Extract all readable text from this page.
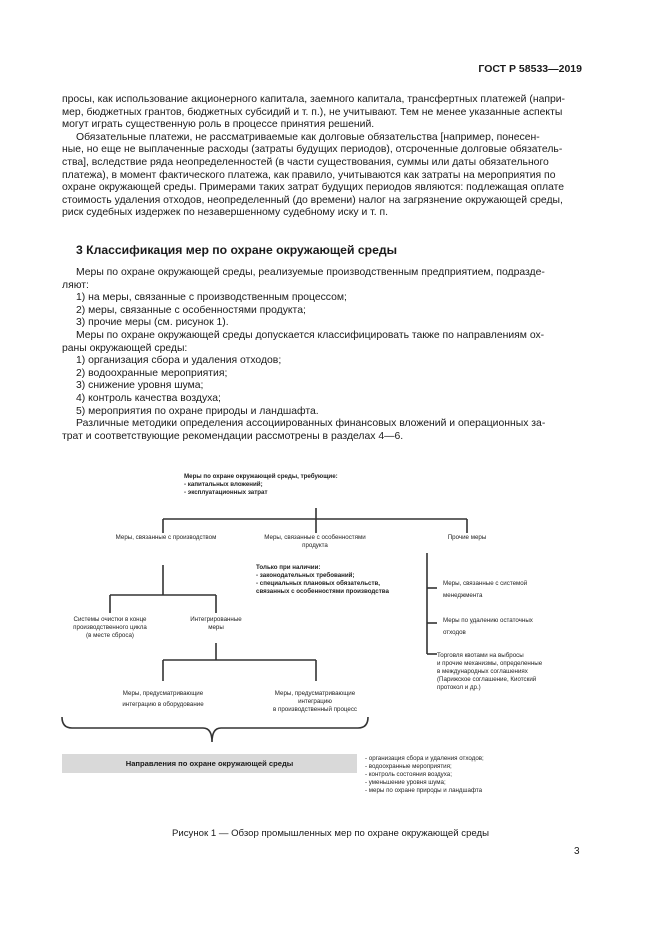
ГОСТ Р 58533—2019

просы, как использование акционерного капитала, заемного капитала, трансфертных платежей (напри-

мер, бюджетных грантов, бюджетных субсидий и т. п.), не учитывают. Тем не менее указанные аспекты

могут играть существенную роль в процессе принятия решений.

Обязательные платежи, не рассматриваемые как долговые обязательства [например, понесен-

ные, но еще не выплаченные расходы (затраты будущих периодов), отсроченные долговые обязатель-

ства], вследствие ряда неопределенностей (в части существования, суммы или даты обязательного

платежа), в момент фактического платежа, как правило, учитываются как затраты на мероприятия по

охране окружающей среды. Примерами таких затрат будущих периодов являются: подлежащая оплате

стоимость удаления отходов, неопределенный (до времени) налог на загрязнение окружающей среды,

риск судебных издержек по незавершенному судебному иску и т. п.

3 Классификация мер по охране окружающей среды

Меры по охране окружающей среды, реализуемые производственным предприятием, подразде-

ляют:

1) на меры, связанные с производственным процессом;

2) меры, связанные с особенностями продукта;

3) прочие меры (см. рисунок 1).

Меры по охране окружающей среды допускается классифицировать также по направлениям ох-

раны окружающей среды:

1) организация сбора и удаления отходов;

2) водоохранные мероприятия;

3) снижение уровня шума;

4) контроль качества воздуха;

5) мероприятия по охране природы и ландшафта.

Различные методики определения ассоциированных финансовых вложений и операционных за-

трат и соответствующие рекомендации рассмотрены в разделах 4—6.

Меры по охране окружающей среды, требующие:
- капитальных вложений;
- эксплуатационных затрат
Меры, связанные с производством	Меры, связанные с особенностями
продукта
Прочие меры
Только при наличии:
- законодательных требований;
- специальных плановых обязательств,
связанных с особенностями производства
Системы очистки в конце
производственного цикла
(в месте сброса)
Интегрированные
меры
Меры, связанные с системой
менеджмента
Меры по удалению остаточных
отходов
Торговля квотами на выбросы
и прочие механизмы, определенные
в международных соглашениях
(Парижское соглашение, Киотский
протокол и др.)
Меры, предусматривающие
интеграцию в оборудование
Меры, предусматривающие
интеграцию
в производственный процесс
Направления по охране окружающей среды
- организация сбора и удаления отходов;
- водоохранные мероприятия;
- контроль состояния воздуха;
- уменьшение уровня шума;
- меры по охране природы и ландшафта
Рисунок 1 — Обзор промышленных мер по охране окружающей среды
3
